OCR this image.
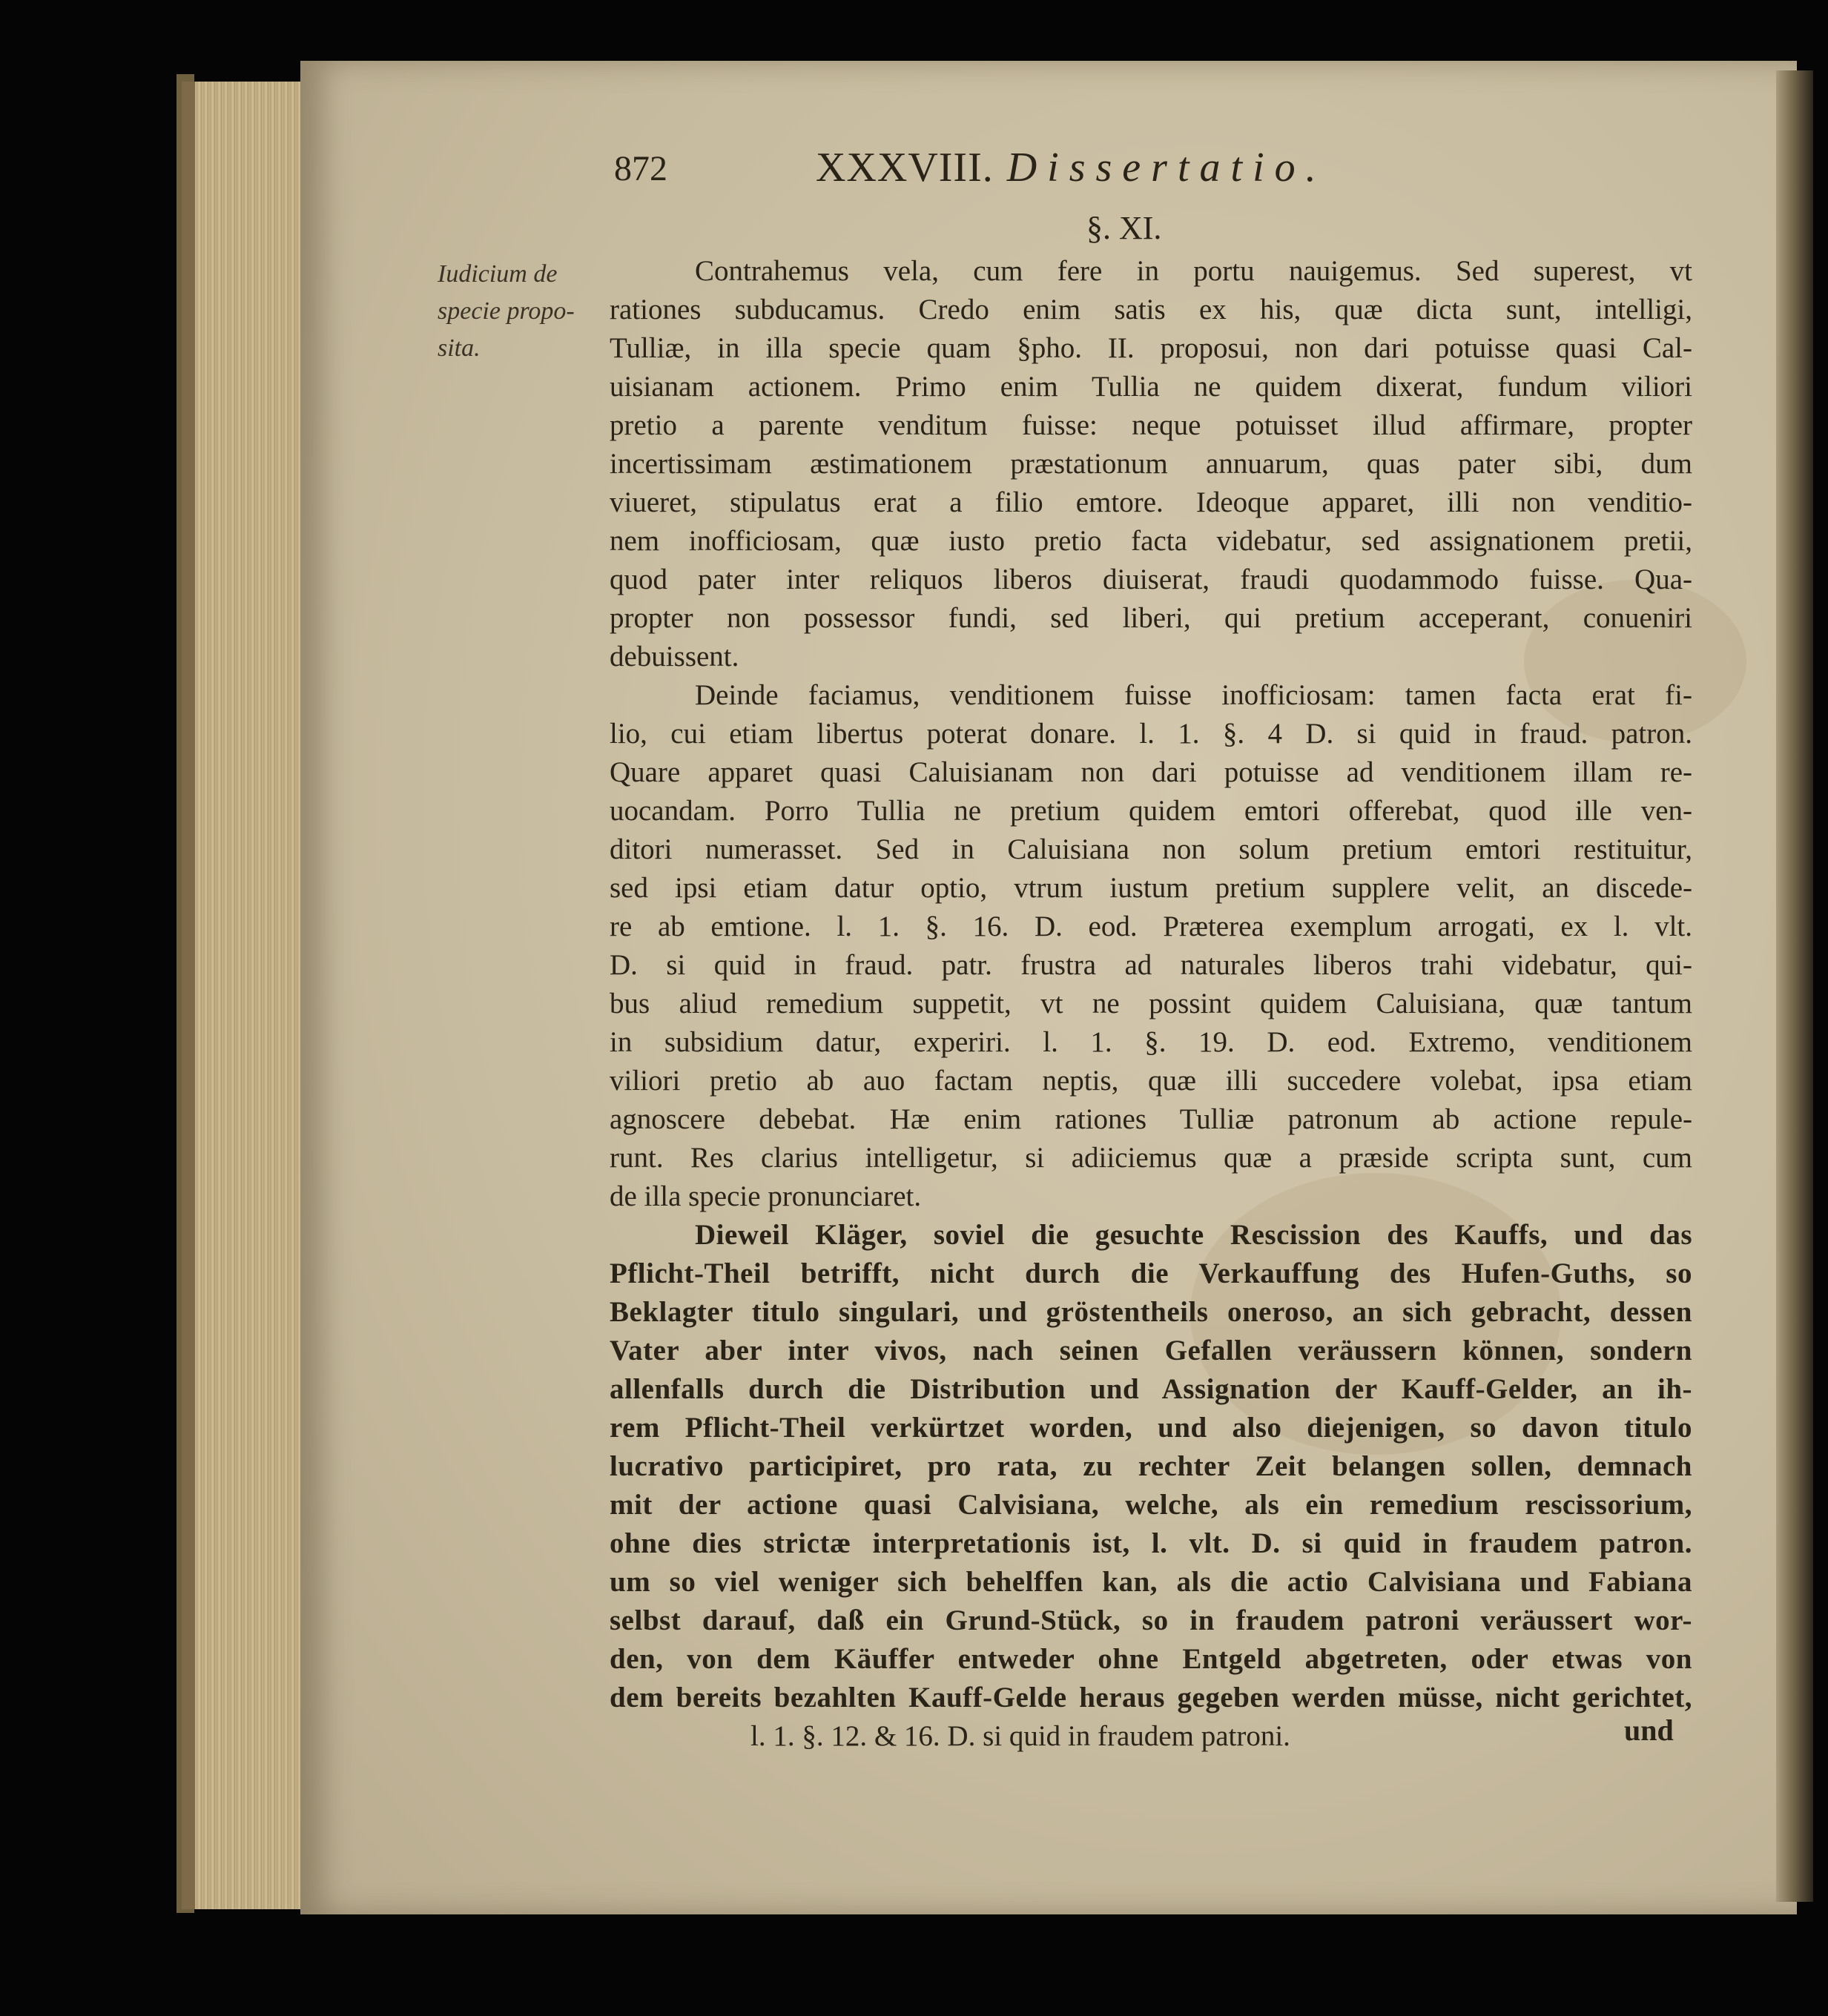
872	XXXVIII. Dissertatio.
§. XI.
Iudicium de
specie propo-
sita.
Contrahemus vela, cum fere in portu nauigemus. Sed superest, vt
rationes subducamus. Credo enim satis ex his, quæ dicta sunt, intelligi,
Tulliæ, in illa specie quam §pho. II. proposui, non dari potuisse quasi Cal-
uisianam actionem. Primo enim Tullia ne quidem dixerat, fundum viliori
pretio a parente venditum fuisse: neque potuisset illud affirmare, propter
incertissimam æstimationem præstationum annuarum, quas pater sibi, dum
viueret, stipulatus erat a filio emtore. Ideoque apparet, illi non venditio-
nem inofficiosam, quæ iusto pretio facta videbatur, sed assignationem pretii,
quod pater inter reliquos liberos diuiserat, fraudi quodammodo fuisse. Qua-
propter non possessor fundi, sed liberi, qui pretium acceperant, conueniri
debuissent.
Deinde faciamus, venditionem fuisse inofficiosam: tamen facta erat fi-
lio, cui etiam libertus poterat donare. l. 1. §. 4 D. si quid in fraud. patron.
Quare apparet quasi Caluisianam non dari potuisse ad venditionem illam re-
uocandam. Porro Tullia ne pretium quidem emtori offerebat, quod ille ven-
ditori numerasset. Sed in Caluisiana non solum pretium emtori restituitur,
sed ipsi etiam datur optio, vtrum iustum pretium supplere velit, an discede-
re ab emtione. l. 1. §. 16. D. eod. Præterea exemplum arrogati, ex l. vlt.
D. si quid in fraud. patr. frustra ad naturales liberos trahi videbatur, qui-
bus aliud remedium suppetit, vt ne possint quidem Caluisiana, quæ tantum
in subsidium datur, experiri. l. 1. §. 19. D. eod. Extremo, venditionem
viliori pretio ab auo factam neptis, quæ illi succedere volebat, ipsa etiam
agnoscere debebat. Hæ enim rationes Tulliæ patronum ab actione repule-
runt. Res clarius intelligetur, si adiiciemus quæ a præside scripta sunt, cum
de illa specie pronunciaret.
Dieweil Kläger, soviel die gesuchte Rescission des Kauffs, und das
Pflicht-Theil betrifft, nicht durch die Verkauffung des Hufen-Guths, so
Beklagter titulo singulari, und gröstentheils oneroso, an sich gebracht, dessen
Vater aber inter vivos, nach seinen Gefallen veräussern können, sondern
allenfalls durch die Distribution und Assignation der Kauff-Gelder, an ih-
rem Pflicht-Theil verkürtzet worden, und also diejenigen, so davon titulo
lucrativo participiret, pro rata, zu rechter Zeit belangen sollen, demnach
mit der actione quasi Calvisiana, welche, als ein remedium rescissorium,
ohne dies strictæ interpretationis ist, l. vlt. D. si quid in fraudem patron.
um so viel weniger sich behelffen kan, als die actio Calvisiana und Fabiana
selbst darauf, daß ein Grund-Stück, so in fraudem patroni veräussert wor-
den, von dem Käuffer entweder ohne Entgeld abgetreten, oder etwas von
dem bereits bezahlten Kauff-Gelde heraus gegeben werden müsse, nicht gerichtet,
l. 1. §. 12. & 16. D. si quid in fraudem patroni.	und
